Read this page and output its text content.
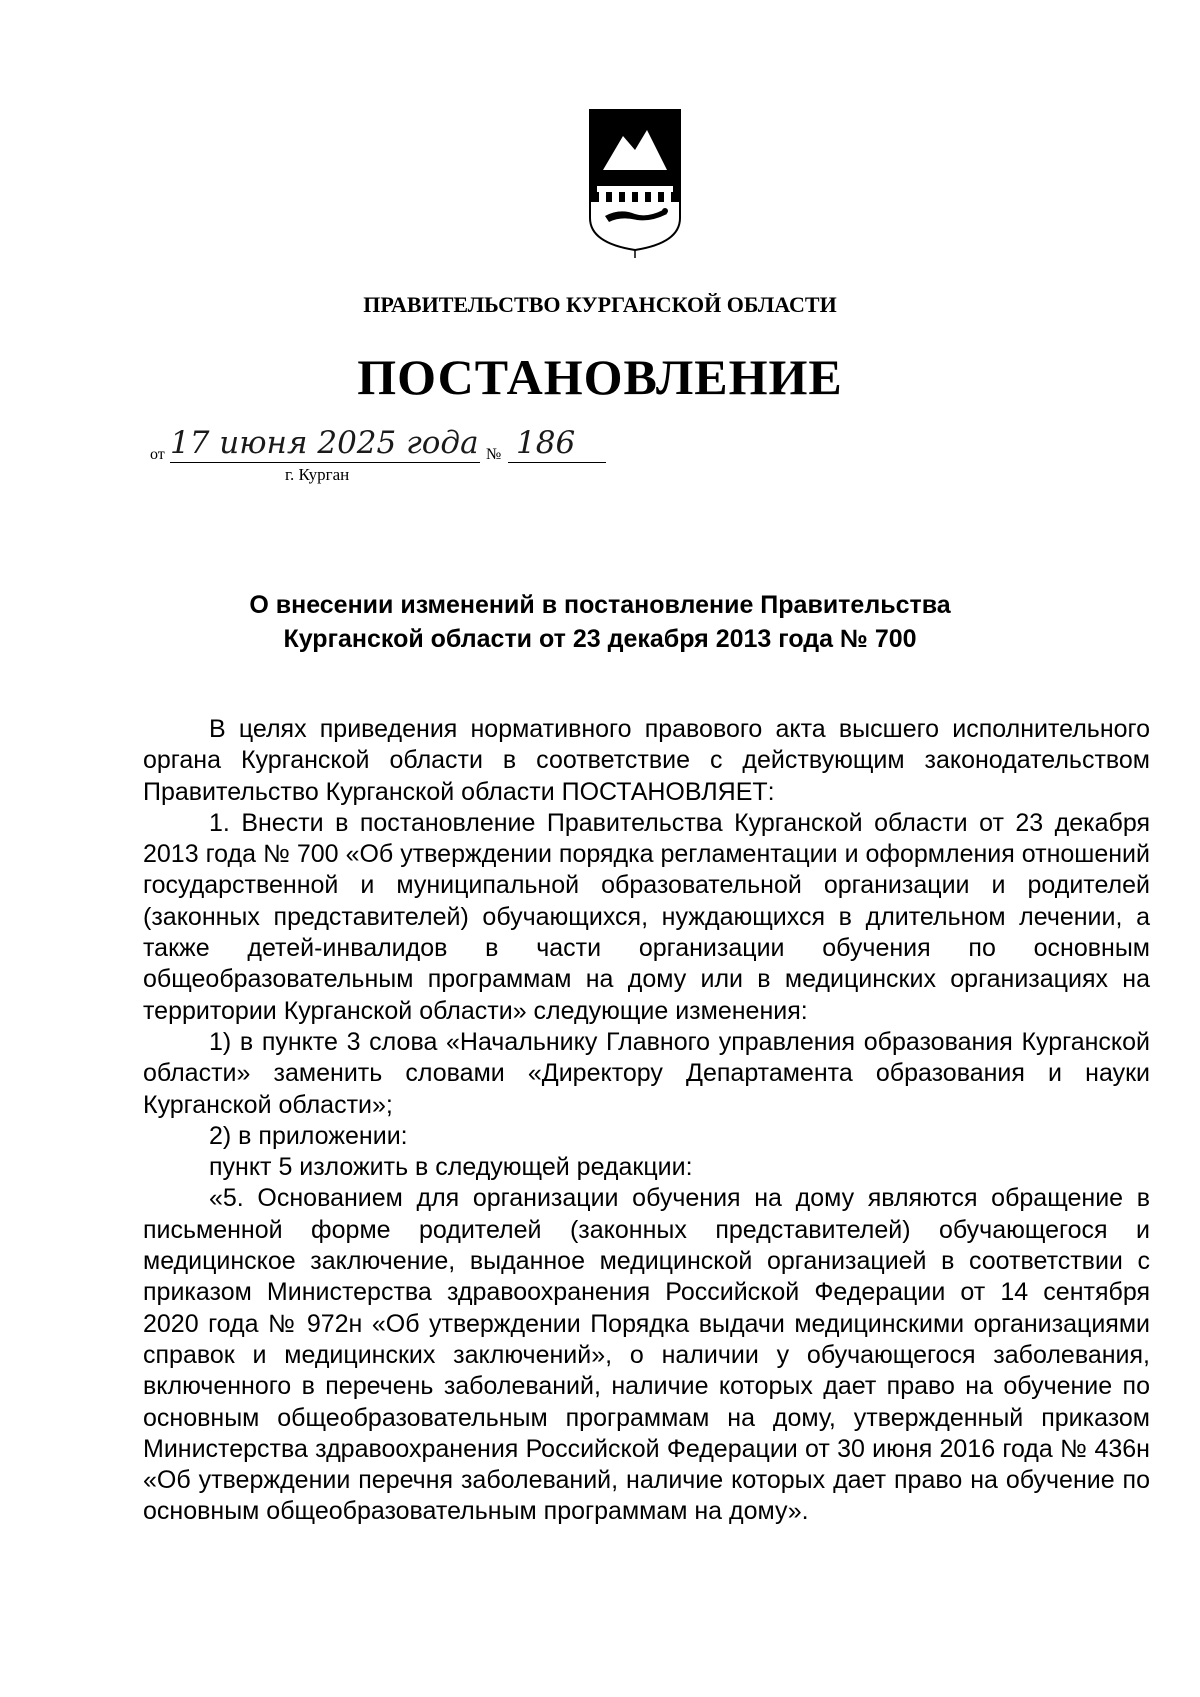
ПРАВИТЕЛЬСТВО КУРГАНСКОЙ ОБЛАСТИ
ПОСТАНОВЛЕНИЕ
от 17 июня 2025 года № 186
г. Курган
О внесении изменений в постановление Правительства
Курганской области от 23 декабря 2013 года № 700

В целях приведения нормативного правового акта высшего исполнительного органа Курганской области в соответствие с действующим законодательством Правительство Курганской области ПОСТАНОВЛЯЕТ:

1. Внести в постановление Правительства Курганской области от 23 декабря 2013 года № 700 «Об утверждении порядка регламентации и оформления отношений государственной и муниципальной образовательной организации и родителей (законных представителей) обучающихся, нуждающихся в длительном лечении, а также детей-инвалидов в части организации обучения по основным общеобразовательным программам на дому или в медицинских организациях на территории Курганской области» следующие изменения:

1) в пункте 3 слова «Начальнику Главного управления образования Курганской области» заменить словами «Директору Департамента образования и науки Курганской области»;

2) в приложении:

пункт 5 изложить в следующей редакции:

«5. Основанием для организации обучения на дому являются обращение в письменной форме родителей (законных представителей) обучающегося и медицинское заключение, выданное медицинской организацией в соответствии с приказом Министерства здравоохранения Российской Федерации от 14 сентября 2020 года № 972н «Об утверждении Порядка выдачи медицинскими организациями справок и медицинских заключений», о наличии у обучающегося заболевания, включенного в перечень заболеваний, наличие которых дает право на обучение по основным общеобразовательным программам на дому, утвержденный приказом Министерства здравоохранения Российской Федерации от 30 июня 2016 года № 436н «Об утверждении перечня заболеваний, наличие которых дает право на обучение по основным общеобразовательным программам на дому».
